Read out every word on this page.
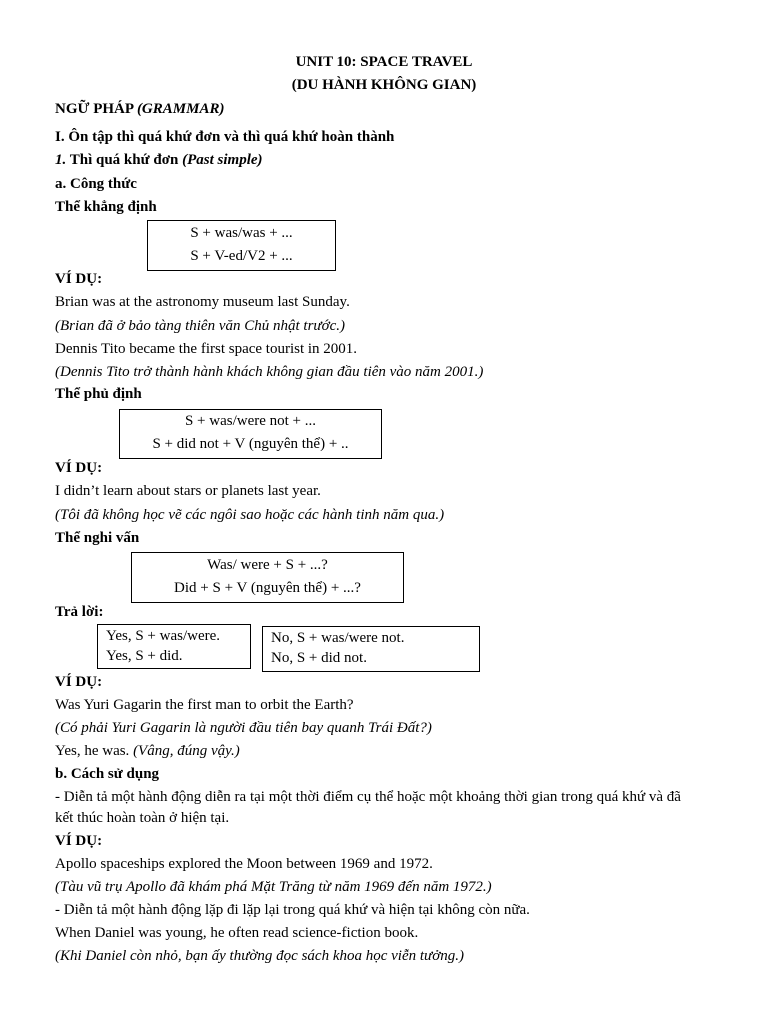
UNIT 10: SPACE TRAVEL
(DU HÀNH KHÔNG GIAN)
NGỮ PHÁP (GRAMMAR)
I. Ôn tập thì quá khứ đơn và thì quá khứ hoàn thành
1. Thì quá khứ đơn (Past simple)
a. Công thức
Thể khẳng định
S + was/was + ...
S + V-ed/V2 + ...
VÍ DỤ:
Brian was at the astronomy museum last Sunday.
(Brian đã ở bảo tàng thiên văn Chủ nhật trước.)
Dennis Tito became the first space tourist in 2001.
(Dennis Tito trở thành hành khách không gian đầu tiên vào năm 2001.)
Thể phủ định
S + was/were not + ...
S + did not + V (nguyên thể) + ..
VÍ DỤ:
I didn’t learn about stars or planets last year.
(Tôi đã không học vẽ các ngôi sao hoặc các hành tinh năm qua.)
Thể nghi vấn
Was/ were + S + ...?
Did + S + V (nguyên thể) + ...?
Trả lời:
Yes, S + was/were.
Yes, S + did.
No, S + was/were not.
No, S + did not.
VÍ DỤ:
Was Yuri Gagarin the first man to orbit the Earth?
(Có phải Yuri Gagarin là người đầu tiên bay quanh Trái Đất?)
Yes, he was. (Vâng, đúng vậy.)
b. Cách sử dụng
- Diễn tả một hành động diễn ra tại một thời điểm cụ thể hoặc một khoảng thời gian trong quá khứ và đã
kết thúc hoàn toàn ở hiện tại.
VÍ DỤ:
Apollo spaceships explored the Moon between 1969 and 1972.
(Tàu vũ trụ Apollo đã khám phá Mặt Trăng từ năm 1969 đến năm 1972.)
- Diễn tả một hành động lặp đi lặp lại trong quá khứ và hiện tại không còn nữa.
When Daniel was young, he often read science-fiction book.
(Khi Daniel còn nhỏ, bạn ấy thường đọc sách khoa học viễn tưởng.)
